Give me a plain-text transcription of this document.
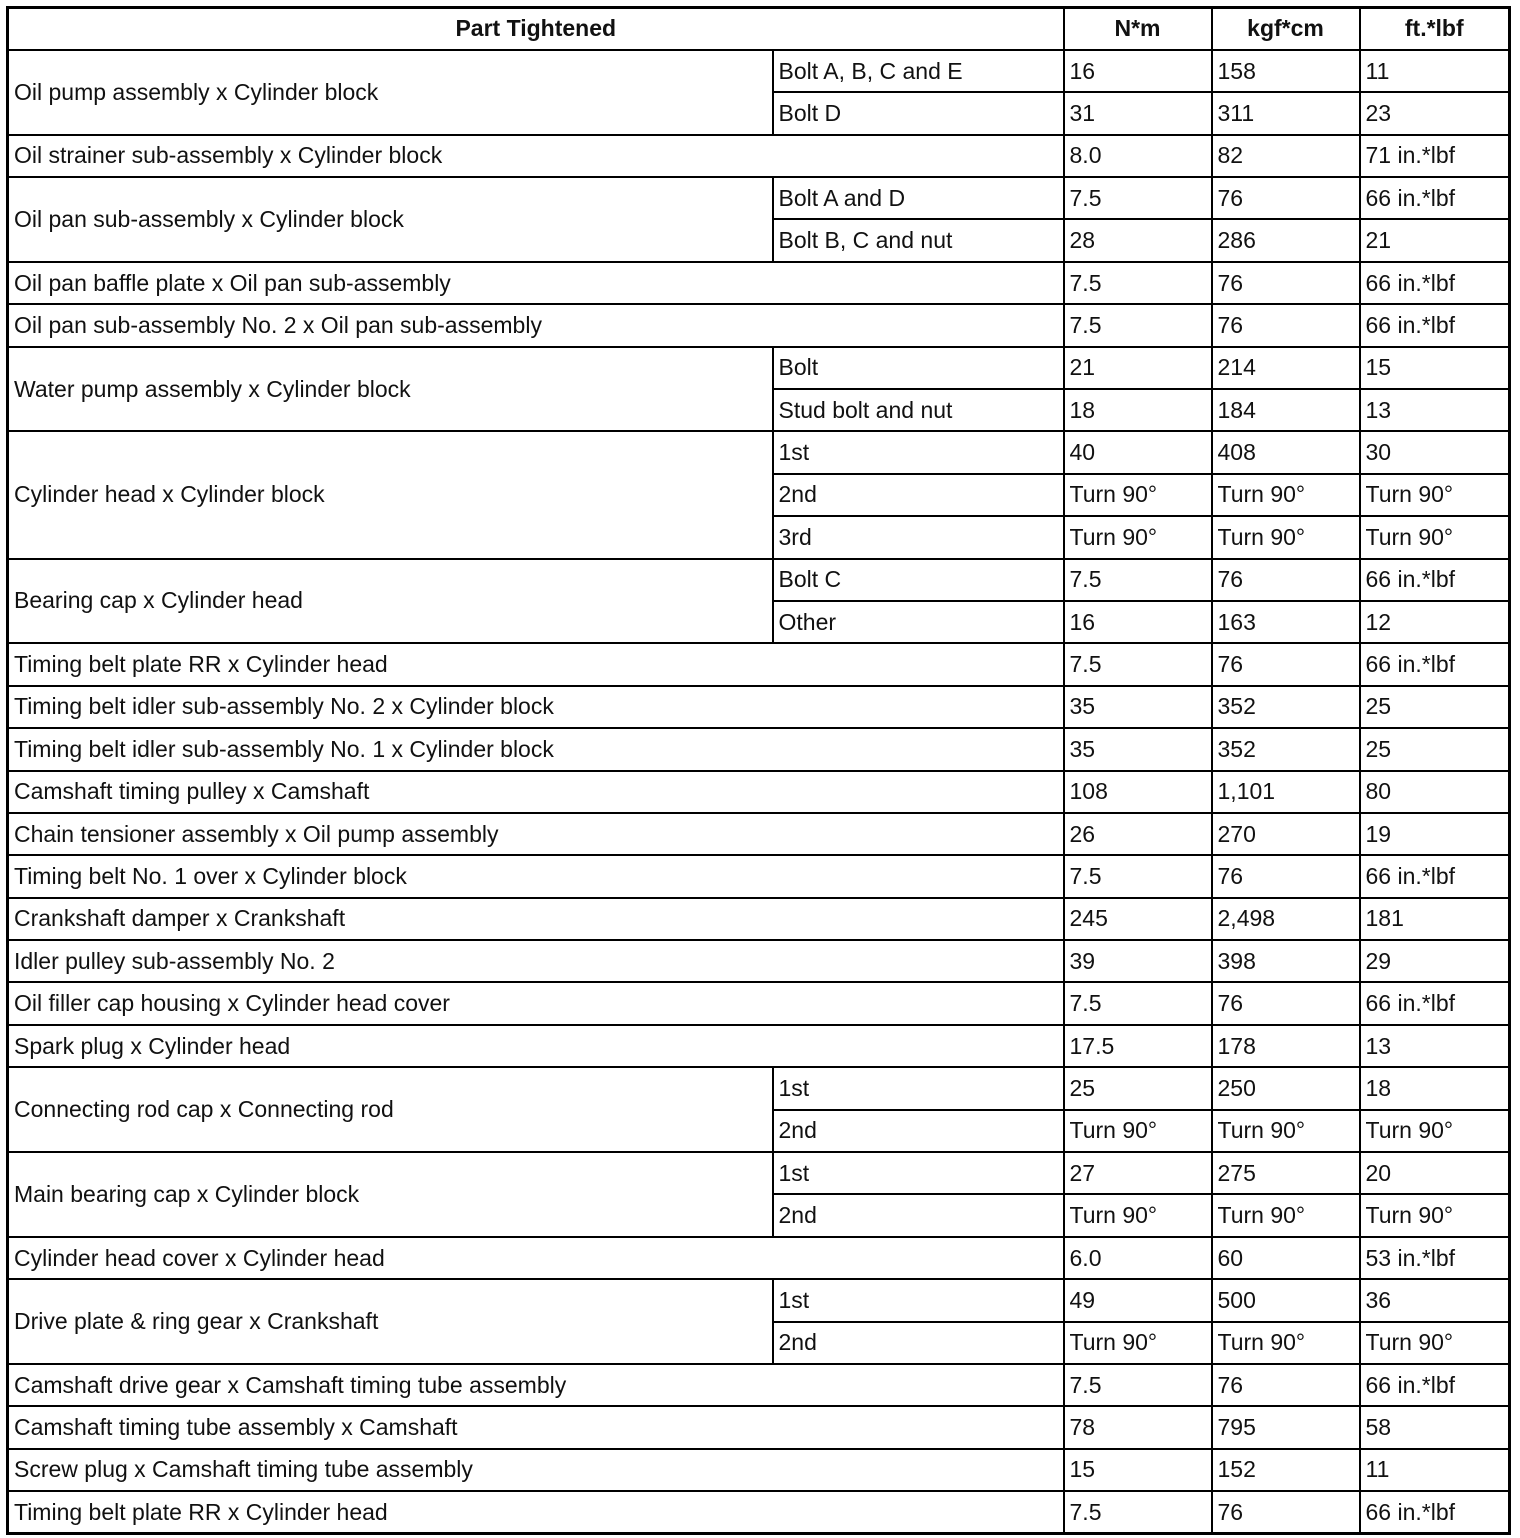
Part Tightened		N*m	kgf*cm	ft.*lbf
Oil pump assembly x Cylinder block	Bolt A, B, C and E	16	158	11
	Bolt D	31	311	23
Oil strainer sub-assembly x Cylinder block		8.0	82	71 in.*lbf
Oil pan sub-assembly x Cylinder block	Bolt A and D	7.5	76	66 in.*lbf
	Bolt B, C and nut	28	286	21
Oil pan baffle plate x Oil pan sub-assembly		7.5	76	66 in.*lbf
Oil pan sub-assembly No. 2 x Oil pan sub-assembly		7.5	76	66 in.*lbf
Water pump assembly x Cylinder block	Bolt	21	214	15
	Stud bolt and nut	18	184	13
Cylinder head x Cylinder block	1st	40	408	30
	2nd	Turn 90°	Turn 90°	Turn 90°
	3rd	Turn 90°	Turn 90°	Turn 90°
Bearing cap x Cylinder head	Bolt C	7.5	76	66 in.*lbf
	Other	16	163	12
Timing belt plate RR x Cylinder head		7.5	76	66 in.*lbf
Timing belt idler sub-assembly No. 2 x Cylinder block		35	352	25
Timing belt idler sub-assembly No. 1 x Cylinder block		35	352	25
Camshaft timing pulley x Camshaft		108	1,101	80
Chain tensioner assembly x Oil pump assembly		26	270	19
Timing belt No. 1 over x Cylinder block		7.5	76	66 in.*lbf
Crankshaft damper x Crankshaft		245	2,498	181
Idler pulley sub-assembly No. 2		39	398	29
Oil filler cap housing x Cylinder head cover		7.5	76	66 in.*lbf
Spark plug x Cylinder head		17.5	178	13
Connecting rod cap x Connecting rod	1st	25	250	18
	2nd	Turn 90°	Turn 90°	Turn 90°
Main bearing cap x Cylinder block	1st	27	275	20
	2nd	Turn 90°	Turn 90°	Turn 90°
Cylinder head cover x Cylinder head		6.0	60	53 in.*lbf
Drive plate & ring gear x Crankshaft	1st	49	500	36
	2nd	Turn 90°	Turn 90°	Turn 90°
Camshaft drive gear x Camshaft timing tube assembly		7.5	76	66 in.*lbf
Camshaft timing tube assembly x Camshaft		78	795	58
Screw plug x Camshaft timing tube assembly		15	152	11
Timing belt plate RR x Cylinder head		7.5	76	66 in.*lbf
